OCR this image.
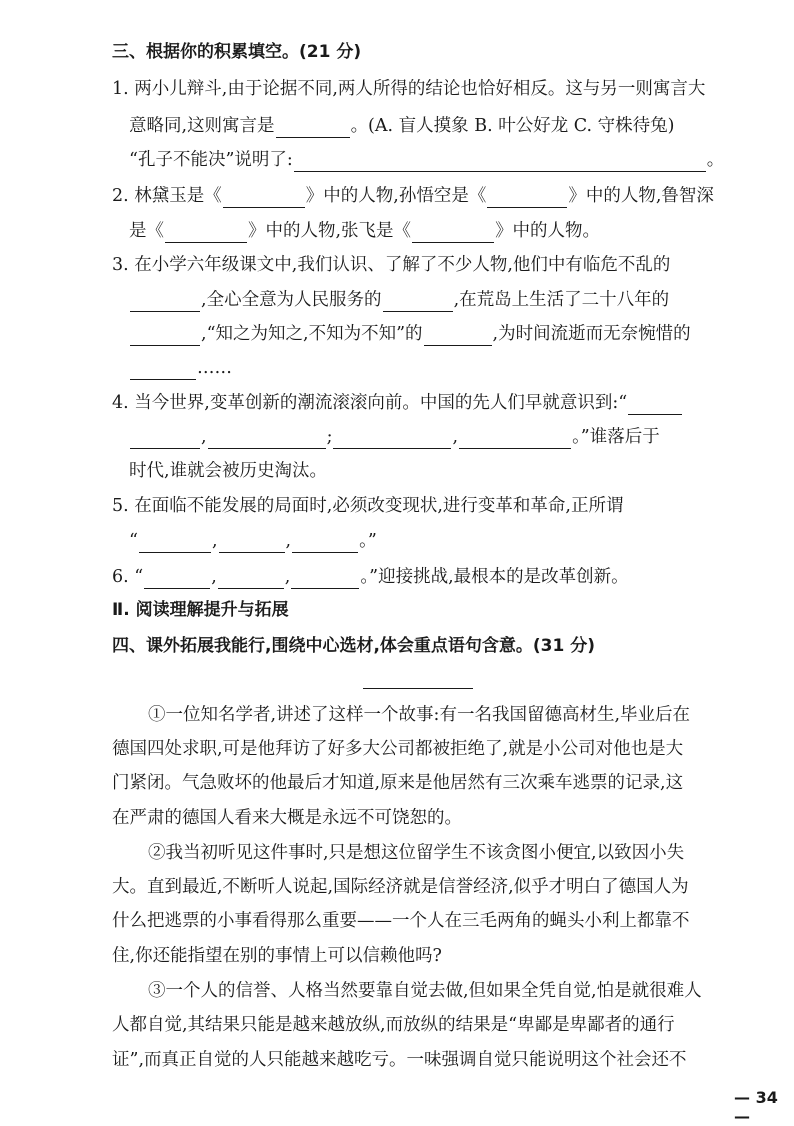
三、根据你的积累填空。(21 分)
1. 两小儿辩斗,由于论据不同,两人所得的结论也恰好相反。这与另一则寓言大
意略同,这则寓言是	。(A. 盲人摸象 B. 叶公好龙 C. 守株待兔)
“孔子不能决”说明了:	。
2. 林黛玉是《	》中的人物,孙悟空是《	》中的人物,鲁智深
是《	》中的人物,张飞是《	》中的人物。
3. 在小学六年级课文中,我们认识、了解了不少人物,他们中有临危不乱的
,全心全意为人民服务的	,在荒岛上生活了二十八年的
,“知之为知之,不知为不知”的	,为时间流逝而无奈惋惜的
……
4. 当今世界,变革创新的潮流滚滚向前。中国的先人们早就意识到:“
,	;	,	。”谁落后于
时代,谁就会被历史淘汰。
5. 在面临不能发展的局面时,必须改变现状,进行变革和革命,正所谓
“	,	,	。”
6. “	,	,	。”迎接挑战,最根本的是改革创新。
Ⅱ. 阅读理解提升与拓展
四、课外拓展我能行,围绕中心选材,体会重点语句含意。(31 分)
①一位知名学者,讲述了这样一个故事:有一名我国留德高材生,毕业后在
德国四处求职,可是他拜访了好多大公司都被拒绝了,就是小公司对他也是大
门紧闭。气急败坏的他最后才知道,原来是他居然有三次乘车逃票的记录,这
在严肃的德国人看来大概是永远不可饶恕的。
②我当初听见这件事时,只是想这位留学生不该贪图小便宜,以致因小失
大。直到最近,不断听人说起,国际经济就是信誉经济,似乎才明白了德国人为
什么把逃票的小事看得那么重要——一个人在三毛两角的蝇头小利上都靠不
住,你还能指望在别的事情上可以信赖他吗?
③一个人的信誉、人格当然要靠自觉去做,但如果全凭自觉,怕是就很难人
人都自觉,其结果只能是越来越放纵,而放纵的结果是“卑鄙是卑鄙者的通行
证”,而真正自觉的人只能越来越吃亏。一味强调自觉只能说明这个社会还不
— 34 —
